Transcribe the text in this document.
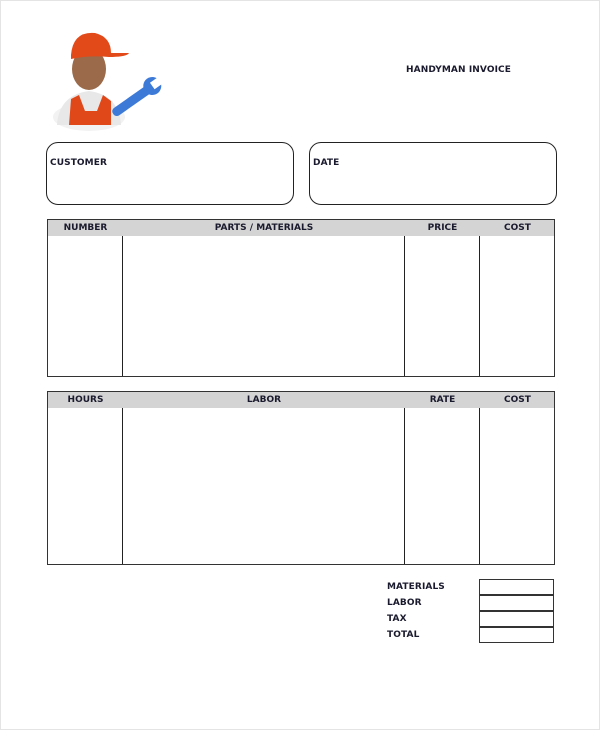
HANDYMAN INVOICE
CUSTOMER	DATE
NUMBER	PARTS / MATERIALS	PRICE	COST
HOURS	LABOR	RATE	COST
MATERIALS
LABOR
TAX
TOTAL
